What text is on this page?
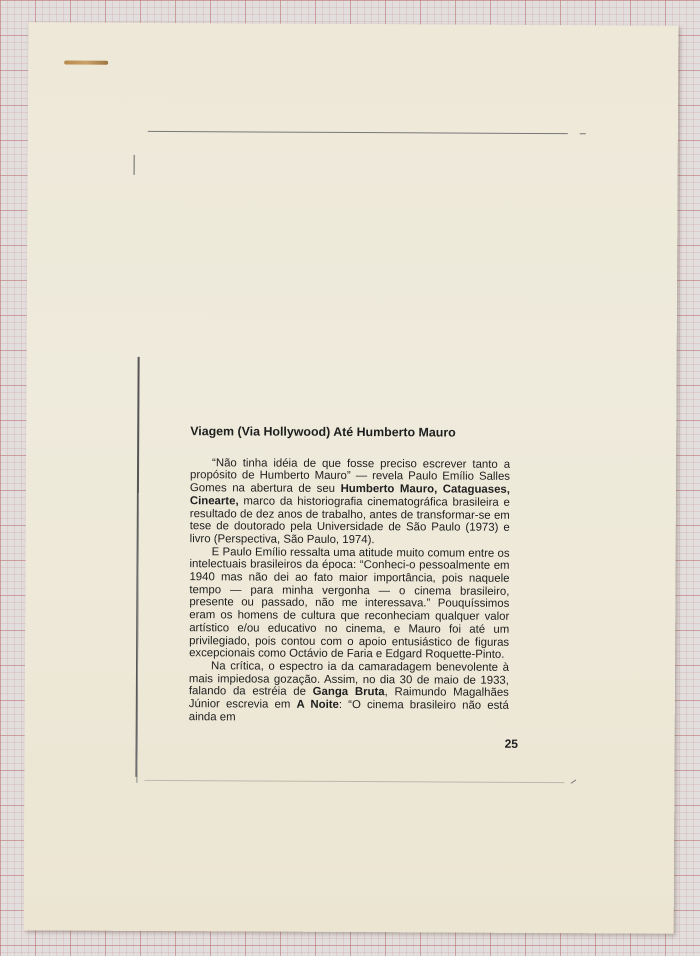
Viagem (Via Hollywood) Até Humberto Mauro

“Não tinha idéia de que fosse preciso escrever tanto a propósito de Humberto Mauro” — revela Paulo Emílio Salles Gomes na abertura de seu Humberto Mauro, Cataguases, Cinearte, marco da historiografia cinematográfica brasileira e resultado de dez anos de trabalho, antes de transformar-se em tese de doutorado pela Universidade de São Paulo (1973) e livro (Perspectiva, São Paulo, 1974).

E Paulo Emílio ressalta uma atitude muito comum entre os intelectuais brasileiros da época: “Conheci-o pessoalmente em 1940 mas não dei ao fato maior importância, pois naquele tempo — para minha vergonha — o cinema brasileiro, presente ou passado, não me interessava.” Pouquíssimos eram os homens de cultura que reconheciam qualquer valor artístico e/ou educativo no cinema, e Mauro foi até um privilegiado, pois contou com o apoio entusiástico de figuras excepcionais como Octávio de Faria e Edgard Roquette-Pinto.

Na crítica, o espectro ia da camaradagem benevolente à mais impiedosa gozação. Assim, no dia 30 de maio de 1933, falando da estréia de Ganga Bruta, Raimundo Magalhães Júnior escrevia em A Noite: “O cinema brasileiro não está ainda em

25
